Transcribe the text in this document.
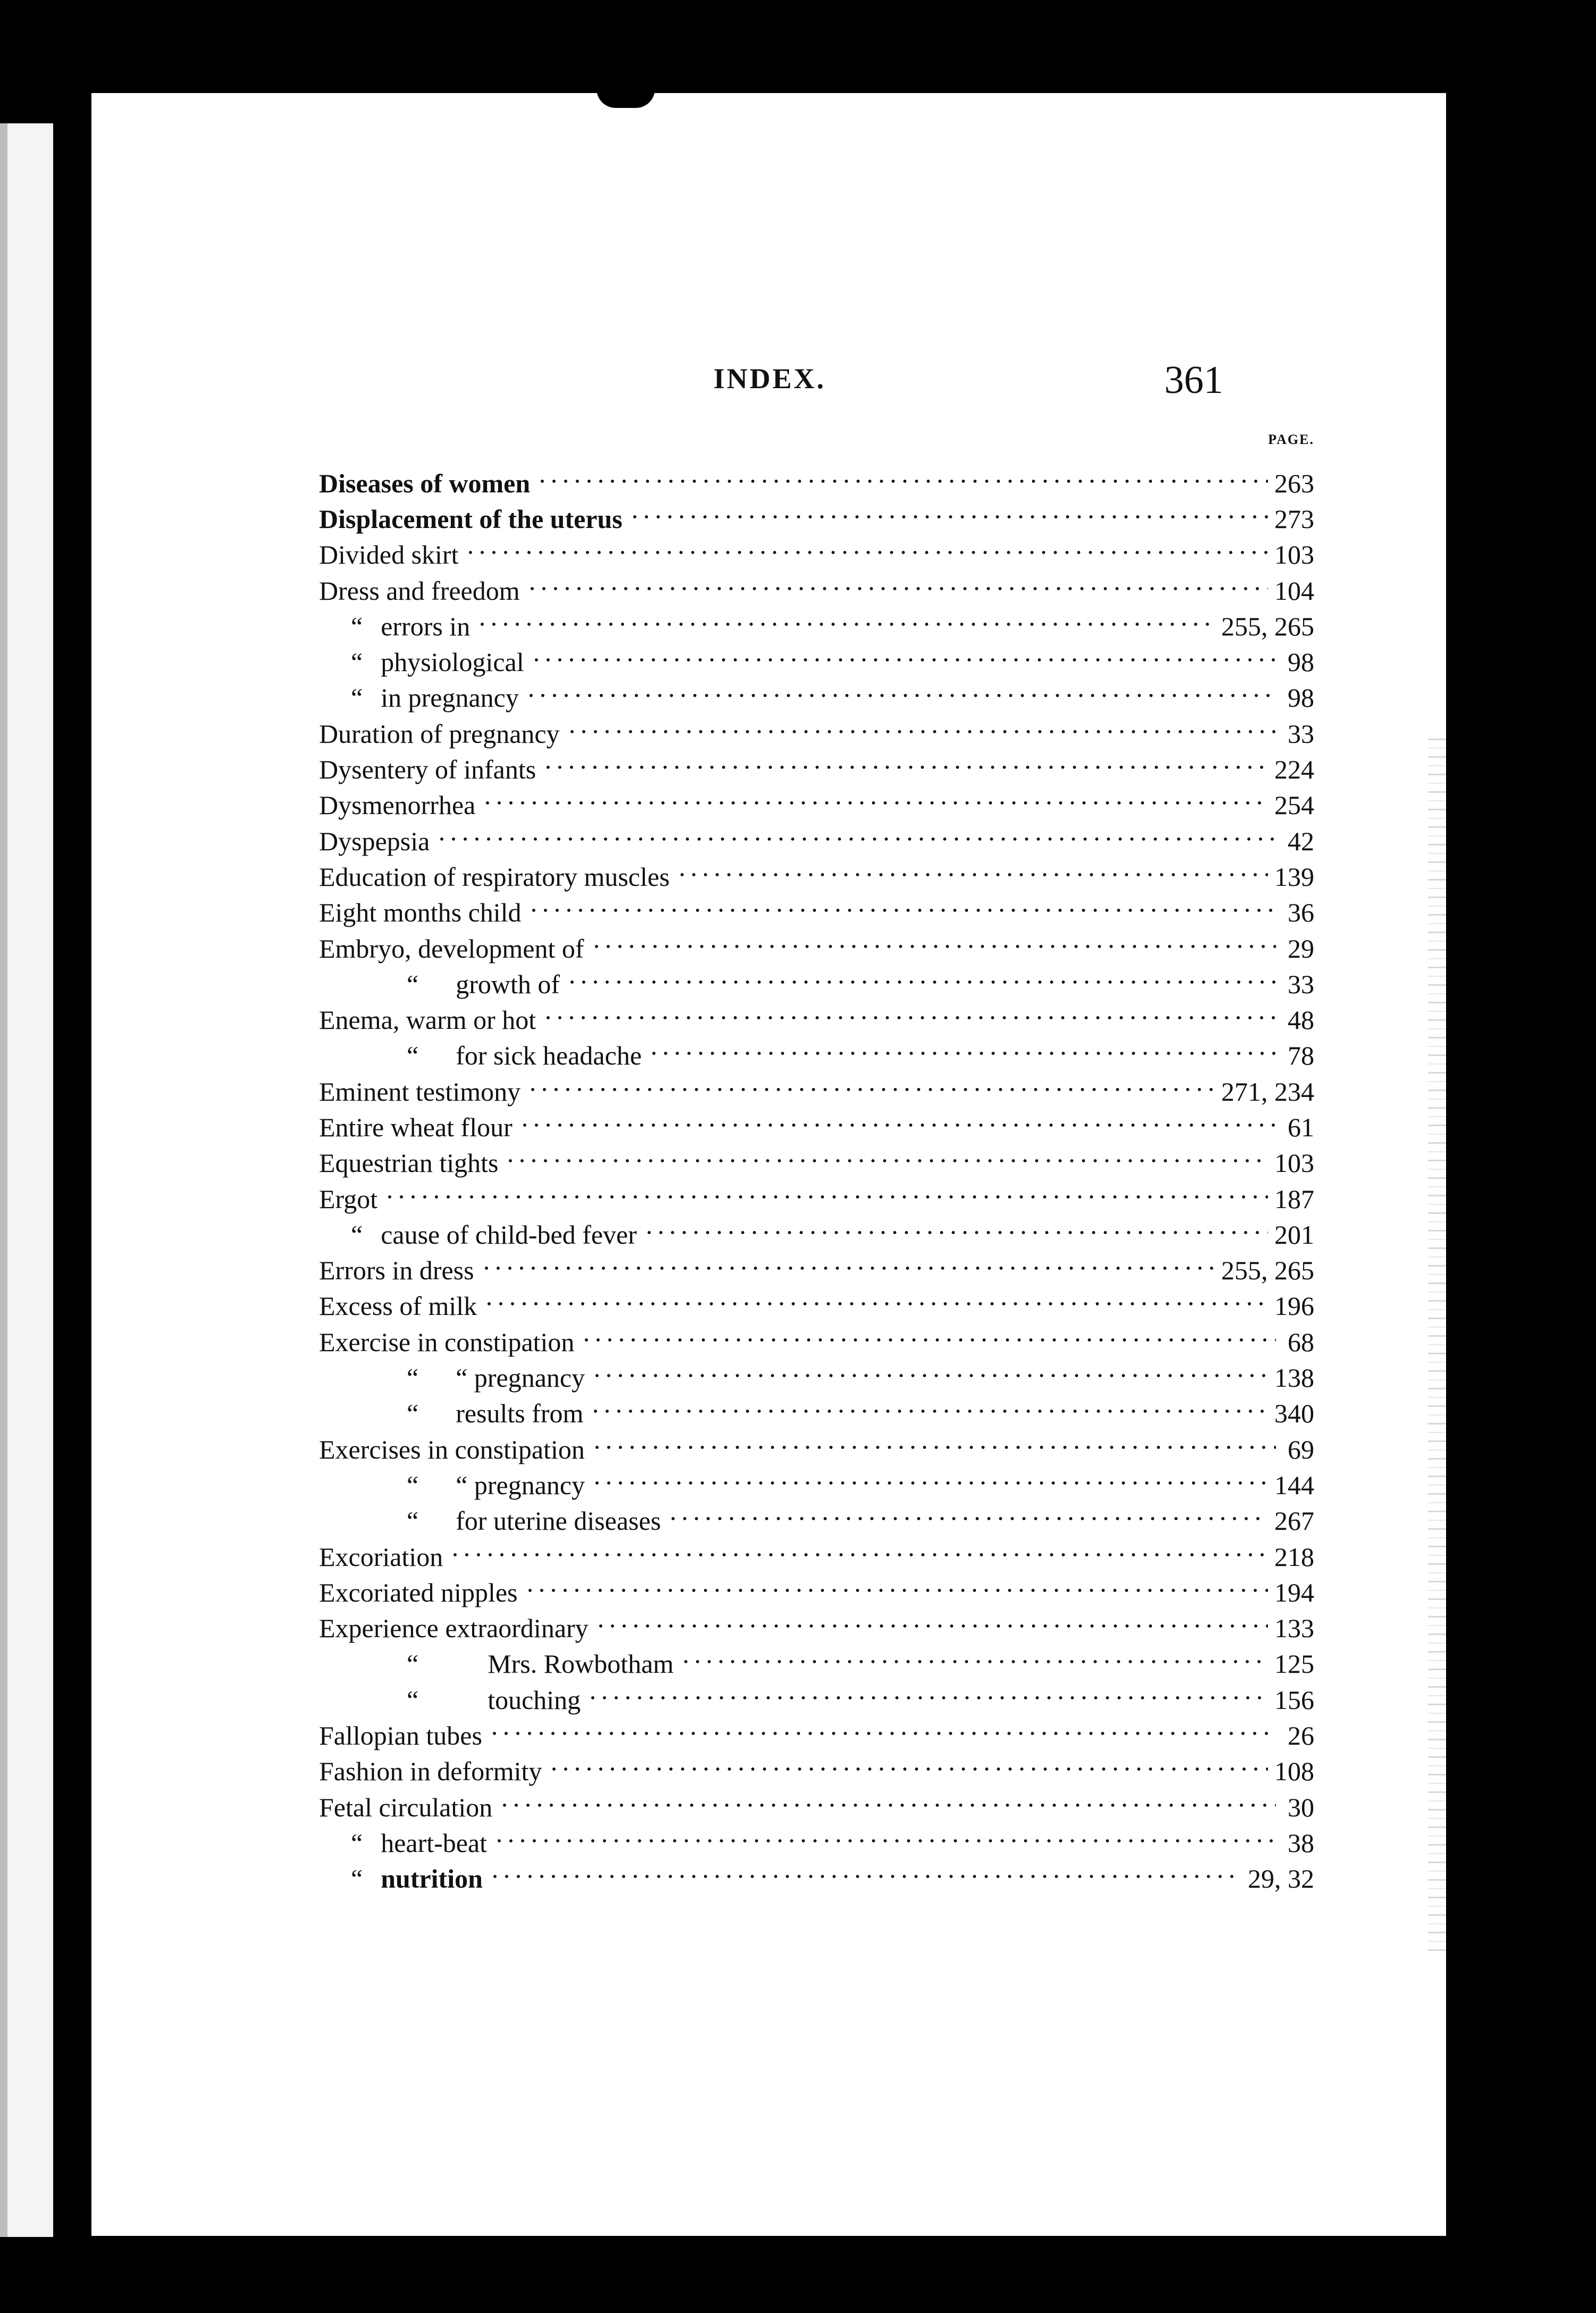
INDEX.	361
PAGE.
Diseases of women	263
Displacement of the uterus	273
Divided skirt	103
Dress and freedom	104
“ errors in	255, 265
“ physiological	98
“ in pregnancy	98
Duration of pregnancy	33
Dysentery of infants	224
Dysmenorrhea	254
Dyspepsia	42
Education of respiratory muscles	139
Eight months child	36
Embryo, development of	29
“ growth of	33
Enema, warm or hot	48
“ for sick headache	78
Eminent testimony	271, 234
Entire wheat flour	61
Equestrian tights	103
Ergot	187
“ cause of child-bed fever	201
Errors in dress	255, 265
Excess of milk	196
Exercise in constipation	68
“ “ pregnancy	138
“ results from	340
Exercises in constipation	69
“ “ pregnancy	144
“ for uterine diseases	267
Excoriation	218
Excoriated nipples	194
Experience extraordinary	133
“	Mrs. Rowbotham	125
“	touching	156
Fallopian tubes	26
Fashion in deformity	108
Fetal circulation	30
“ heart-beat	38
“ nutrition	29, 32
